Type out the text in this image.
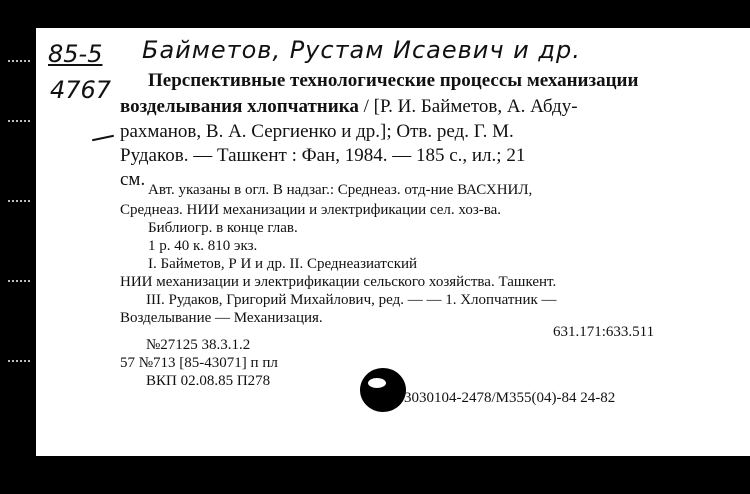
85-5
4767
Байметов, Рустам Исаевич и др.
Перспективные технологические процессы механизации
возделывания хлопчатника / [Р. И. Байметов, А. Абду-
рахманов, В. А. Сергиенко и др.]; Отв. ред. Г. М.
Рудаков. — Ташкент : Фан, 1984. — 185 с., ил.; 21
см. Авт. указаны в огл. В надзаг.: Среднеаз. отд-ние ВАСХНИЛ,
Среднеаз. НИИ механизации и электрификации сел. хоз-ва.
Библиогр. в конце глав.
1 р. 40 к. 810 экз.
I. Байметов, Р И и др. II. Среднеазиатский
НИИ механизации и электрификации сельского хозяйства. Ташкент.
III. Рудаков, Григорий Михайлович, ред. — — 1. Хлопчатник —
Возделывание — Механизация.
631.171:633.511
№27125 38.3.1.2
57 №713 [85-43071] п пл
ВКП 02.08.85 П278
3030104-2478/М355(04)-84 24-82
